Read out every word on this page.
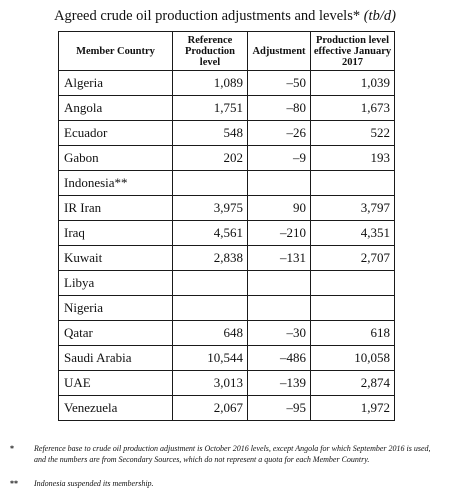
Agreed crude oil production adjustments and levels* (tb/d)
Member Country	Reference Production level	Adjustment	Production level effective January 2017
Algeria	1,089	–50	1,039
Angola	1,751	–80	1,673
Ecuador	548	–26	522
Gabon	202	–9	193
Indonesia**			
IR Iran	3,975	90	3,797
Iraq	4,561	–210	4,351
Kuwait	2,838	–131	2,707
Libya			
Nigeria			
Qatar	648	–30	618
Saudi Arabia	10,544	–486	10,058
UAE	3,013	–139	2,874
Venezuela	2,067	–95	1,972
*	Reference base to crude oil production adjustment is October 2016 levels, except Angola for which September 2016 is used, and the numbers are from Secondary Sources, which do not represent a quota for each Member Country.
** Indonesia suspended its membership.
